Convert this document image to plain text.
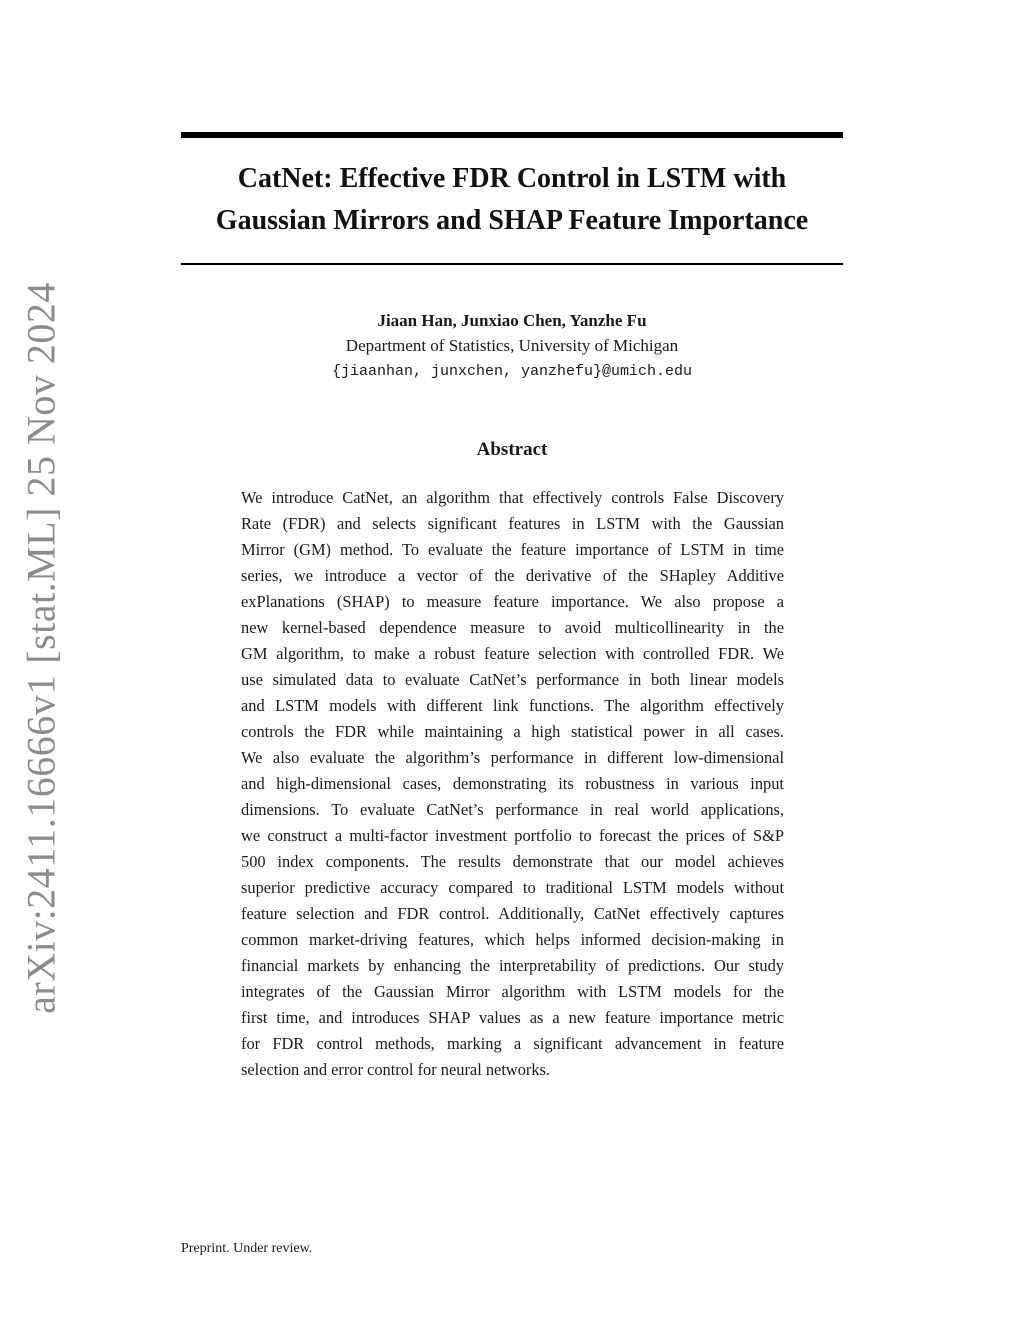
arXiv:2411.16666v1 [stat.ML] 25 Nov 2024
CatNet: Effective FDR Control in LSTM with
Gaussian Mirrors and SHAP Feature Importance
Jiaan Han, Junxiao Chen, Yanzhe Fu
Department of Statistics, University of Michigan
{jiaanhan, junxchen, yanzhefu}@umich.edu
Abstract
We introduce CatNet, an algorithm that effectively controls False Discovery
Rate (FDR) and selects significant features in LSTM with the Gaussian
Mirror (GM) method. To evaluate the feature importance of LSTM in time
series, we introduce a vector of the derivative of the SHapley Additive
exPlanations (SHAP) to measure feature importance. We also propose a
new kernel-based dependence measure to avoid multicollinearity in the
GM algorithm, to make a robust feature selection with controlled FDR. We
use simulated data to evaluate CatNet’s performance in both linear models
and LSTM models with different link functions. The algorithm effectively
controls the FDR while maintaining a high statistical power in all cases.
We also evaluate the algorithm’s performance in different low-dimensional
and high-dimensional cases, demonstrating its robustness in various input
dimensions. To evaluate CatNet’s performance in real world applications,
we construct a multi-factor investment portfolio to forecast the prices of S&P
500 index components. The results demonstrate that our model achieves
superior predictive accuracy compared to traditional LSTM models without
feature selection and FDR control. Additionally, CatNet effectively captures
common market-driving features, which helps informed decision-making in
financial markets by enhancing the interpretability of predictions. Our study
integrates of the Gaussian Mirror algorithm with LSTM models for the
first time, and introduces SHAP values as a new feature importance metric
for FDR control methods, marking a significant advancement in feature
selection and error control for neural networks.
Preprint. Under review.
